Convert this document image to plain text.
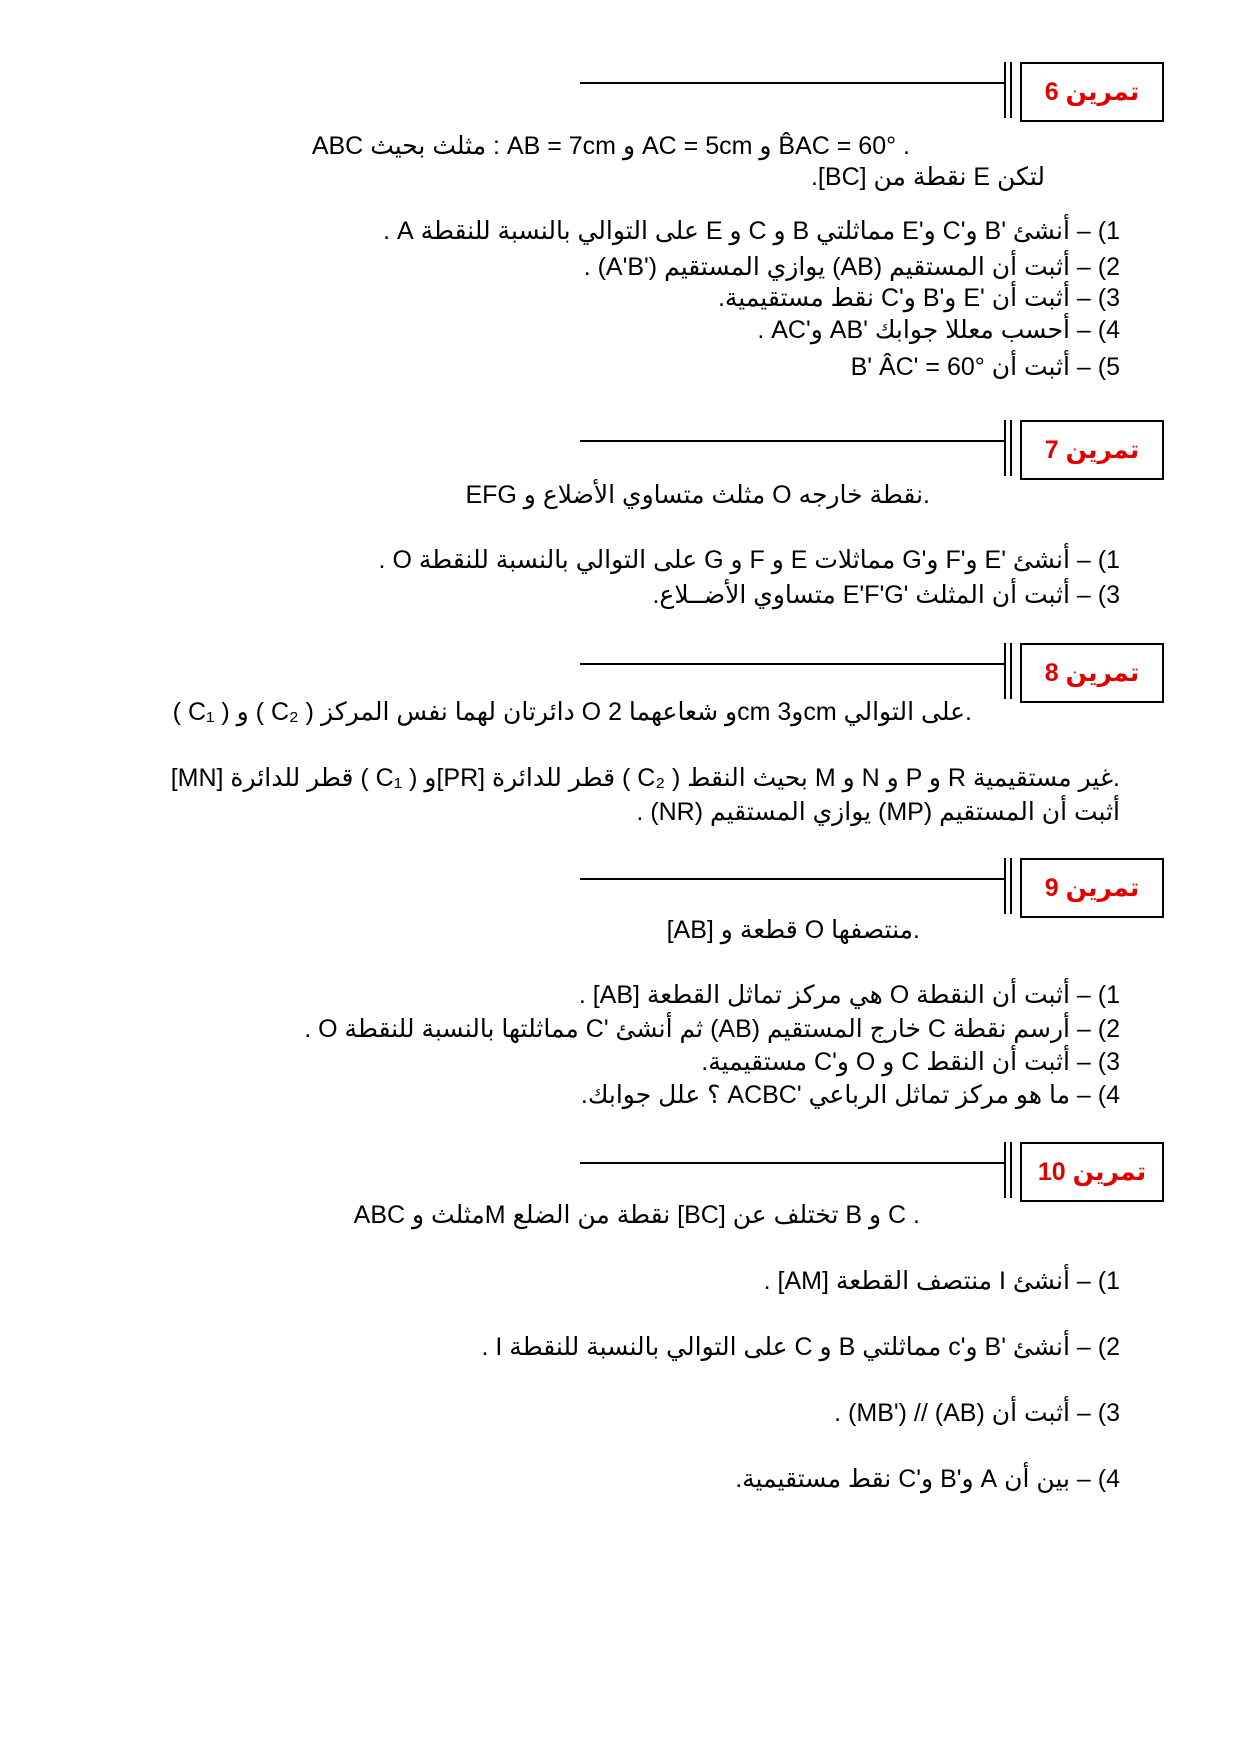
تمرين 6
ABC مثلث بحيث : AB = 7cm و AC = 5cm و B̂AC = 60° .
لتكن E نقطة من [BC].
1) – أنشئ 'B و'C و'E مماثلتي B و C و E على التوالي بالنسبة للنقطة A .
2) – أثبت أن المستقيم (AB) يوازي المستقيم ('A'B) .
3) – أثبت أن 'E و'B و'C نقط مستقيمية.
4) – أحسب معللا جوابك 'AB و'AC .
5) – أثبت أن B' ÂC' = 60°
تمرين 7
EFG مثلث متساوي الأضلاع و O نقطة خارجه.
1) – أنشئ 'E و'F و'G مماثلات E و F و G على التوالي بالنسبة للنقطة O .
3) – أثبت أن المثلث 'E'F'G متساوي الأضــلاع.
تمرين 8
( C₁ ) و ( C₂ ) دائرتان لهما نفس المركز O و شعاعهما 2cm و3cm على التوالي.
[MN] قطر للدائرة ( C₁ ) و[PR] قطر للدائرة ( C₂ ) بحيث النقط M و N و P و R غير مستقيمية.
أثبت أن المستقيم (MP) يوازي المستقيم (NR) .
تمرين 9
[AB] قطعة و O منتصفها.
1) – أثبت أن النقطة O هي مركز تماثل القطعة [AB] .
2) – أرسم نقطة C خارج المستقيم (AB) ثم أنشئ 'C مماثلتها بالنسبة للنقطة O .
3) – أثبت أن النقط C و O و'C مستقيمية.
4) – ما هو مركز تماثل الرباعي 'ACBC ؟ علل جوابك.
تمرين 10
ABC مثلث وM نقطة من الضلع [BC] تختلف عن B و C .
1) – أنشئ I منتصف القطعة [AM] .
2) – أنشئ 'B و'c مماثلتي B و C على التوالي بالنسبة للنقطة I .
3) – أثبت أن (AB) // ('MB) .
4) – بين أن A و'B و'C نقط مستقيمية.
